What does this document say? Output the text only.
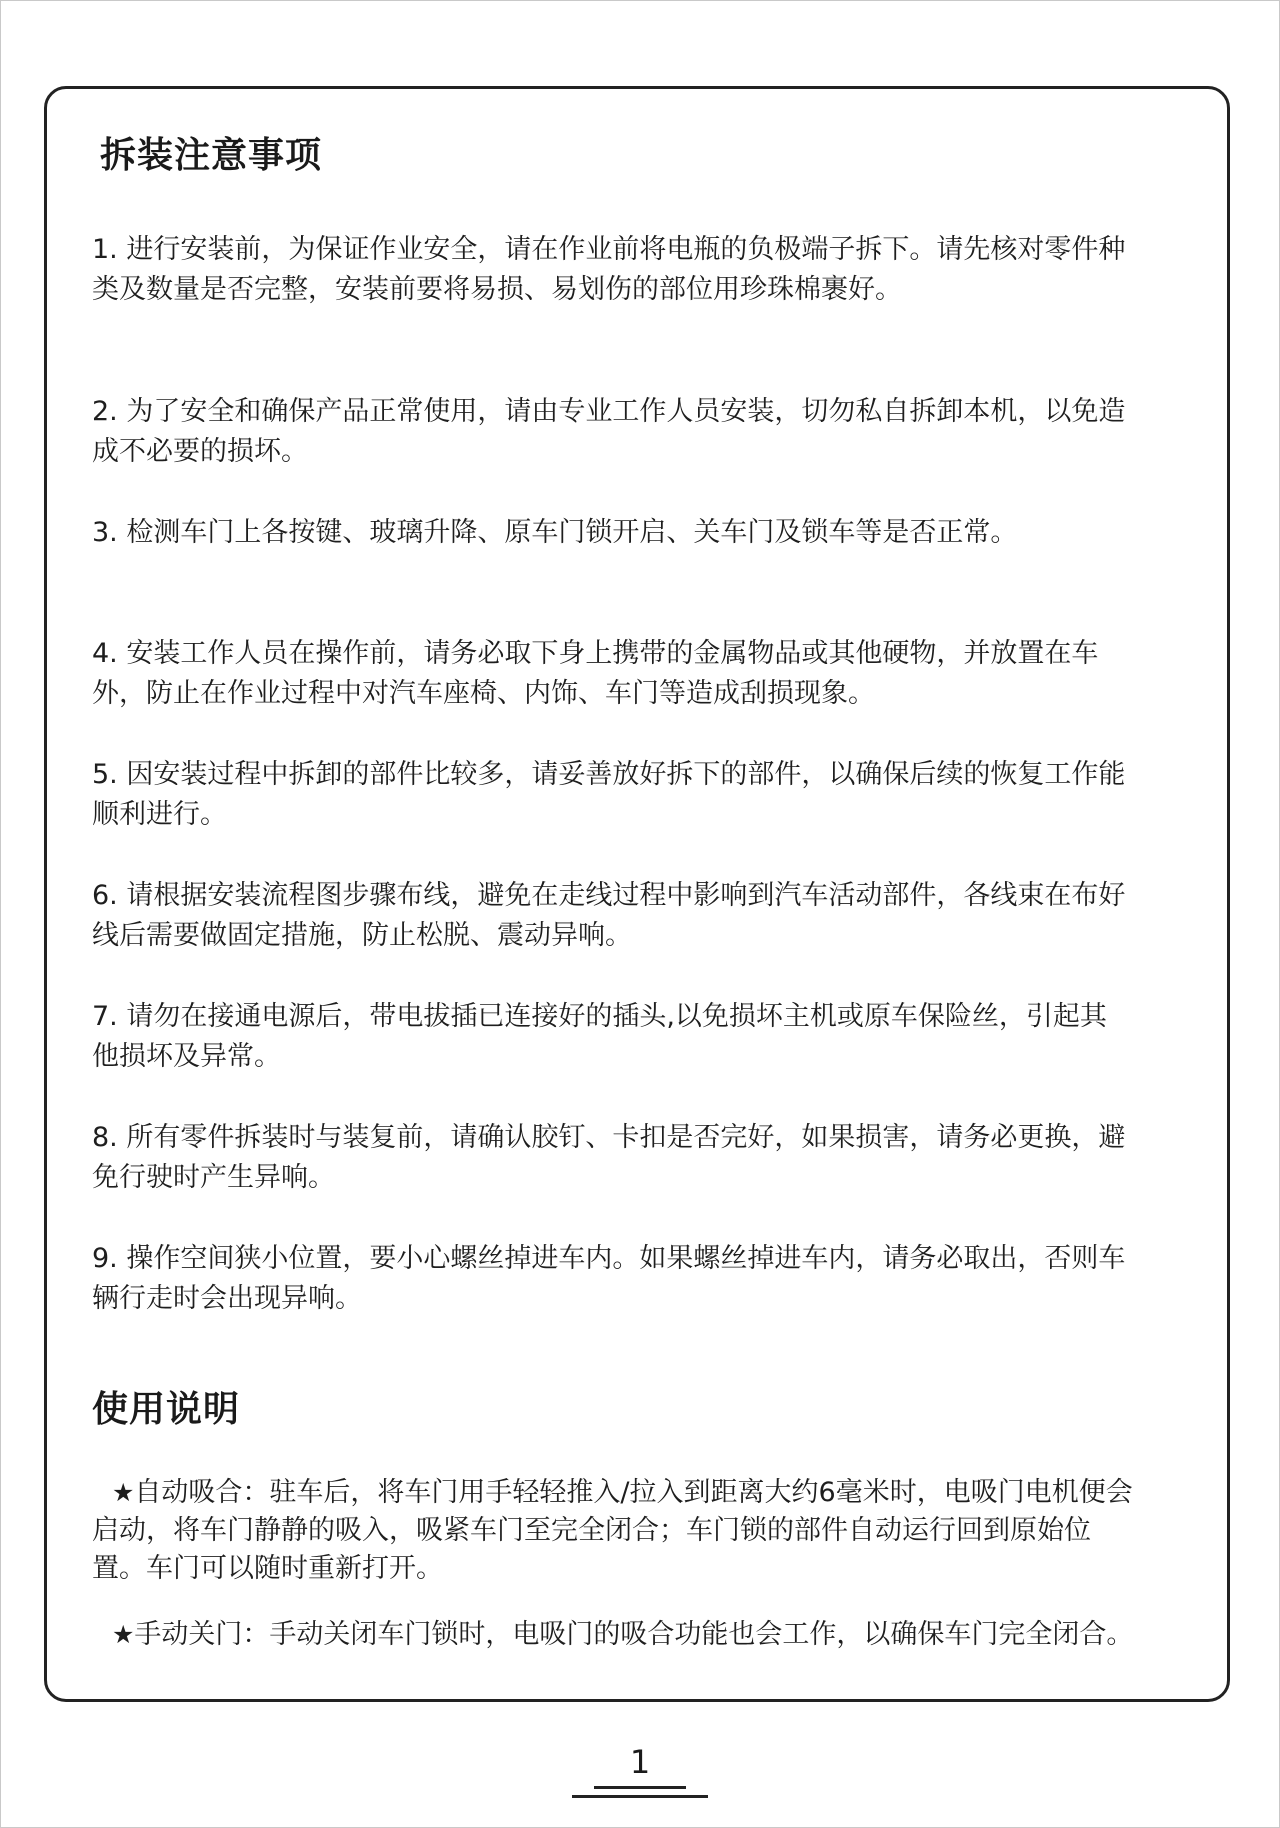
拆装注意事项
1. 进行安装前，为保证作业安全，请在作业前将电瓶的负极端子拆下。请先核对零件种类及数量是否完整，安装前要将易损、易划伤的部位用珍珠棉裹好。
2. 为了安全和确保产品正常使用，请由专业工作人员安装，切勿私自拆卸本机，以免造成不必要的损坏。
3. 检测车门上各按键、玻璃升降、原车门锁开启、关车门及锁车等是否正常。
4. 安装工作人员在操作前，请务必取下身上携带的金属物品或其他硬物，并放置在车外，防止在作业过程中对汽车座椅、内饰、车门等造成刮损现象。
5. 因安装过程中拆卸的部件比较多，请妥善放好拆下的部件，以确保后续的恢复工作能顺利进行。
6. 请根据安装流程图步骤布线，避免在走线过程中影响到汽车活动部件，各线束在布好线后需要做固定措施，防止松脱、震动异响。
7. 请勿在接通电源后，带电拔插已连接好的插头,以免损坏主机或原车保险丝，引起其他损坏及异常。
8. 所有零件拆装时与装复前，请确认胶钉、卡扣是否完好，如果损害，请务必更换，避免行驶时产生异响。
9. 操作空间狭小位置，要小心螺丝掉进车内。如果螺丝掉进车内，请务必取出，否则车辆行走时会出现异响。
使用说明

★自动吸合：驻车后，将车门用手轻轻推入/拉入到距离大约6毫米时，电吸门电机便会启动，将车门静静的吸入，吸紧车门至完全闭合；车门锁的部件自动运行回到原始位置。车门可以随时重新打开。

★手动关门：手动关闭车门锁时，电吸门的吸合功能也会工作，以确保车门完全闭合。

1
